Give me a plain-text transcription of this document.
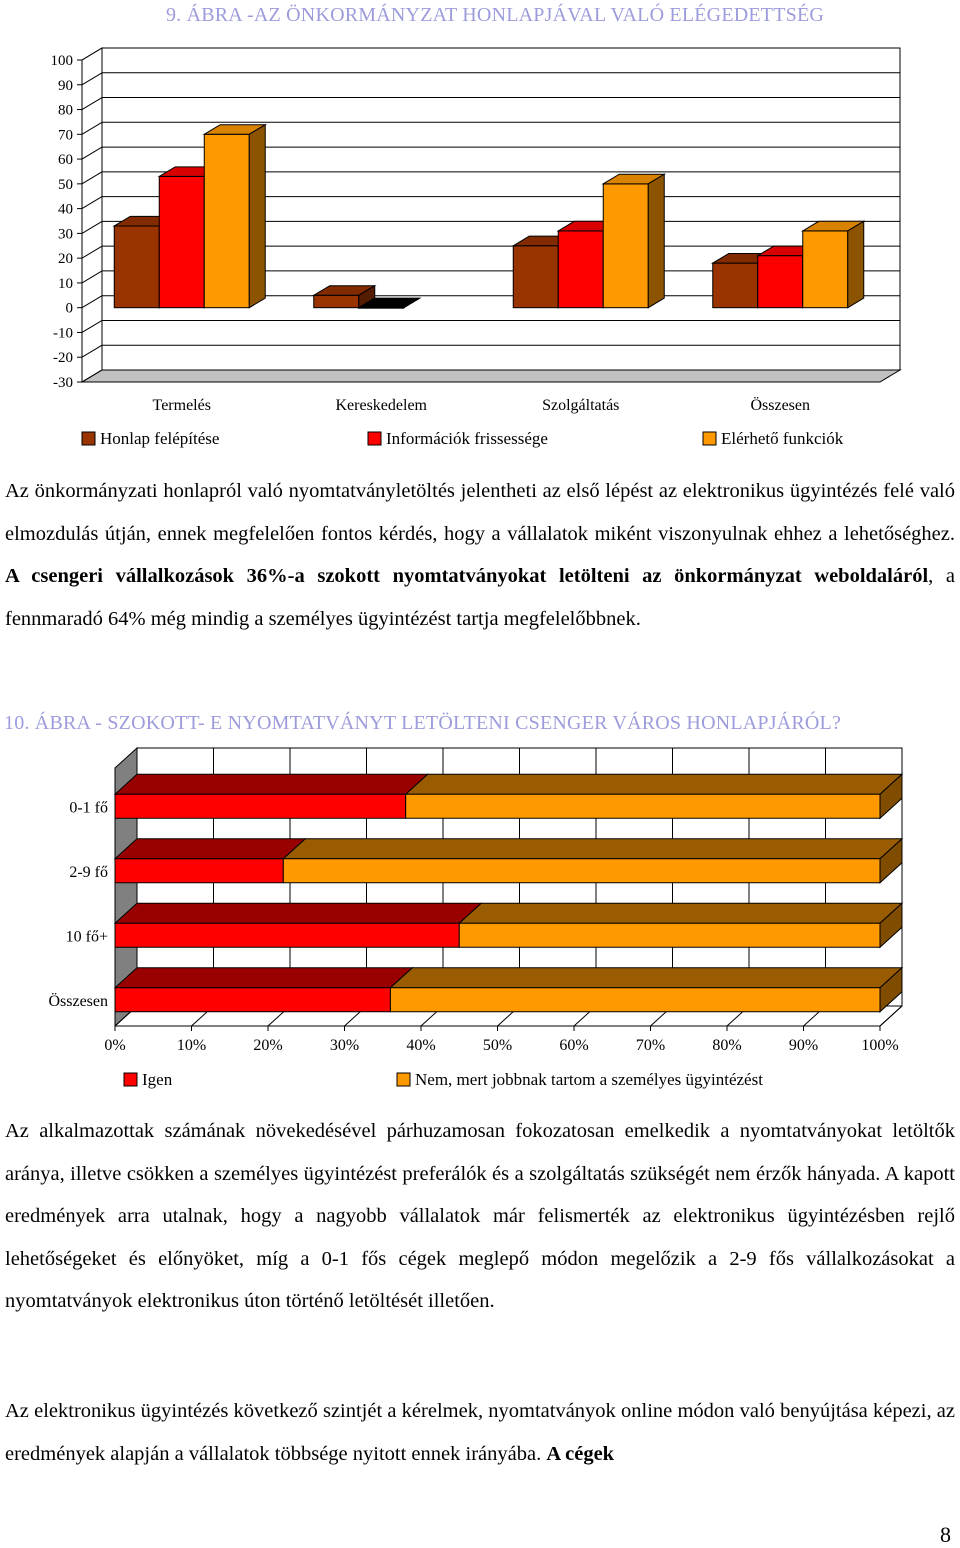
9. ÁBRA -AZ ÖNKORMÁNYZAT HONLAPJÁVAL VALÓ ELÉGEDETTSÉG
100
90
80
70
60
50
40
30
20
10
0
-10
-20
-30
Termelés	Kereskedelem	Szolgáltatás	Összesen
Honlap felépítése	Információk frissessége	Elérhető funkciók
Az önkormányzati honlapról való nyomtatványletöltés jelentheti az első lépést az elektronikus ügyintézés felé való elmozdulás útján, ennek megfelelően fontos kérdés, hogy a vállalatok miként viszonyulnak ehhez a lehetőséghez. A csengeri vállalkozások 36%-a szokott nyomtatványokat letölteni az önkormányzat weboldaláról, a fennmaradó 64% még mindig a személyes ügyintézést tartja megfelelőbbnek.
10. ÁBRA - SZOKOTT- E NYOMTATVÁNYT LETÖLTENI CSENGER VÁROS HONLAPJÁRÓL?
0-1 fő
2-9 fő
10 fő+
Összesen
0%	10%	20%	30%	40%	50%	60%	70%	80%	90%	100%
Igen	Nem, mert jobbnak tartom a személyes ügyintézést
Az alkalmazottak számának növekedésével párhuzamosan fokozatosan emelkedik a nyomtatványokat letöltők aránya, illetve csökken a személyes ügyintézést preferálók és a szolgáltatás szükségét nem érzők hányada. A kapott eredmények arra utalnak, hogy a nagyobb vállalatok már felismerték az elektronikus ügyintézésben rejlő lehetőségeket és előnyöket, míg a 0-1 fős cégek meglepő módon megelőzik a 2-9 fős vállalkozásokat a nyomtatványok elektronikus úton történő letöltését illetően.
Az elektronikus ügyintézés következő szintjét a kérelmek, nyomtatványok online módon való benyújtása képezi, az eredmények alapján a vállalatok többsége nyitott ennek irányába. A cégek
8
